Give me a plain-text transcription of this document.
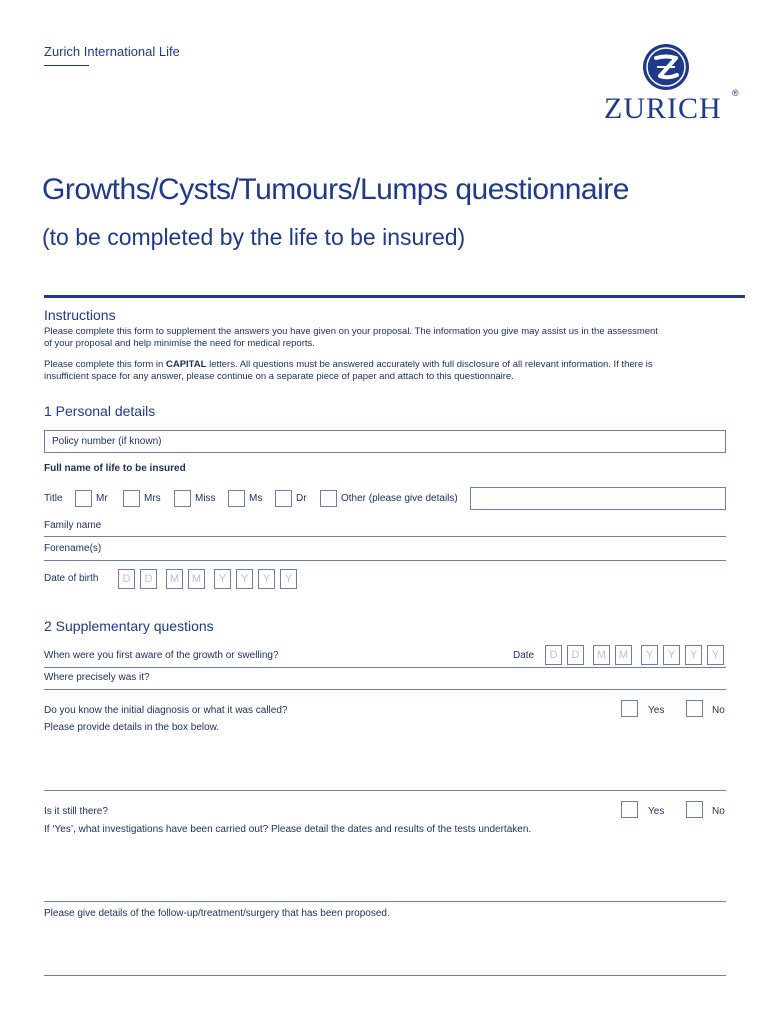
Zurich International Life
ZURICH ®
Growths/Cysts/Tumours/Lumps questionnaire
(to be completed by the life to be insured)
Instructions
Please complete this form to supplement the answers you have given on your proposal. The information you give may assist us in the assessment
of your proposal and help minimise the need for medical reports.
Please complete this form in CAPITAL letters. All questions must be answered accurately with full disclosure of all relevant information. If there is
insufficient space for any answer, please continue on a separate piece of paper and attach to this questionnaire.
1 Personal details
Policy number (if known)
Full name of life to be insured
Title	Mr	Mrs	Miss	Ms	Dr	Other (please give details)
Family name
Forename(s)
Date of birth	D	D	M	M	Y	Y	Y	Y
2 Supplementary questions
When were you first aware of the growth or swelling?	Date	D	D	M	M	Y	Y	Y	Y
Where precisely was it?
Do you know the initial diagnosis or what it was called?	Yes	No
Please provide details in the box below.
Is it still there?	Yes	No
If ‘Yes’, what investigations have been carried out? Please detail the dates and results of the tests undertaken.
Please give details of the follow-up/treatment/surgery that has been proposed.
